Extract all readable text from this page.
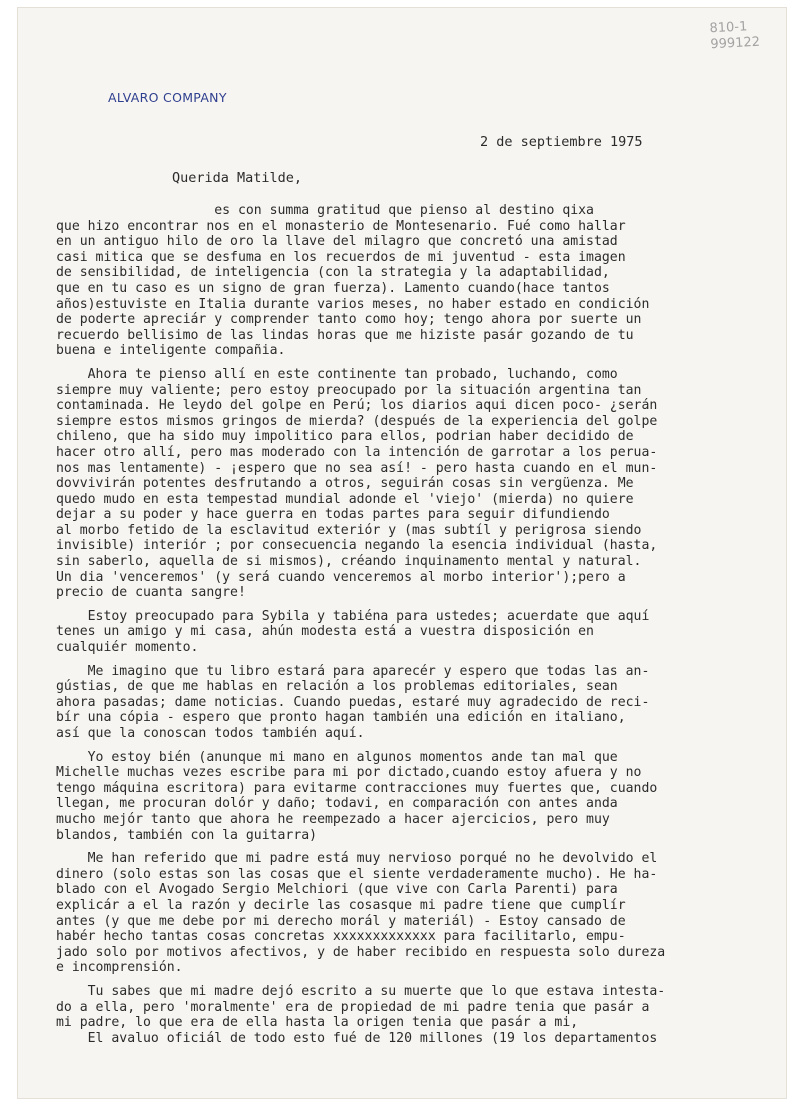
810-1
999122
ALVARO COMPANY
2 de septiembre 1975
Querida Matilde,
es con summa gratitud que pienso al destino qixa
que hizo encontrar nos en el monasterio de Montesenario. Fué como hallar
en un antiguo hilo de oro la llave del milagro que concretó una amistad
casi mitica que se desfuma en los recuerdos de mi juventud - esta imagen
de sensibilidad, de inteligencia (con la strategia y la adaptabilidad,
que en tu caso es un signo de gran fuerza). Lamento cuando(hace tantos
años)estuviste en Italia durante varios meses, no haber estado en condición
de poderte apreciár y comprender tanto como hoy; tengo ahora por suerte un
recuerdo bellisimo de las lindas horas que me hiziste pasár gozando de tu
buena e inteligente compañia.
Ahora te pienso allí en este continente tan probado, luchando, como
siempre muy valiente; pero estoy preocupado por la situación argentina tan
contaminada. He leydo del golpe en Perú; los diarios aqui dicen poco- ¿serán
siempre estos mismos gringos de mierda? (después de la experiencia del golpe
chileno, que ha sido muy impolitico para ellos, podrian haber decidido de
hacer otro allí, pero mas moderado con la intención de garrotar a los perua-
nos mas lentamente) - ¡espero que no sea así! - pero hasta cuando en el mun-
dovvivirán potentes desfrutando a otros, seguirán cosas sin vergüenza. Me
quedo mudo en esta tempestad mundial adonde el 'viejo' (mierda) no quiere
dejar a su poder y hace guerra en todas partes para seguir difundiendo
al morbo fetido de la esclavitud exteriór y (mas subtíl y perigrosa siendo
invisible) interiór ; por consecuencia negando la esencia individual (hasta,
sin saberlo, aquella de si mismos), créando inquinamento mental y natural.
Un dia 'venceremos' (y será cuando venceremos al morbo interior');pero a
precio de cuanta sangre!
Estoy preocupado para Sybila y tabiéna para ustedes; acuerdate que aquí
tenes un amigo y mi casa, ahún modesta está a vuestra disposición en
cualquiér momento.
Me imagino que tu libro estará para aparecér y espero que todas las an-
gústias, de que me hablas en relación a los problemas editoriales, sean
ahora pasadas; dame noticias. Cuando puedas, estaré muy agradecido de reci-
bír una cópia - espero que pronto hagan también una edición en italiano,
así que la conoscan todos también aquí.
Yo estoy bién (anunque mi mano en algunos momentos ande tan mal que
Michelle muchas vezes escribe para mi por dictado,cuando estoy afuera y no
tengo máquina escritora) para evitarme contracciones muy fuertes que, cuando
llegan, me procuran dolór y daño; todavi, en comparación con antes anda
mucho mejór tanto que ahora he reempezado a hacer ajercicios, pero muy
blandos, también con la guitarra)
Me han referido que mi padre está muy nervioso porqué no he devolvido el
dinero (solo estas son las cosas que el siente verdaderamente mucho). He ha-
blado con el Avogado Sergio Melchiori (que vive con Carla Parenti) para
explicár a el la razón y decirle las cosasque mi padre tiene que cumplír
antes (y que me debe por mi derecho morál y materiál) - Estoy cansado de
habér hecho tantas cosas concretas xxxxxxxxxxxxx para facilitarlo, empu-
jado solo por motivos afectivos, y de haber recibido en respuesta solo dureza
e incomprensión.
Tu sabes que mi madre dejó escrito a su muerte que lo que estava intesta-
do a ella, pero 'moralmente' era de propiedad de mi padre tenia que pasár a
mi padre, lo que era de ella hasta la origen tenia que pasár a mi,
El avaluo oficiál de todo esto fué de 120 millones (19 los departamentos
